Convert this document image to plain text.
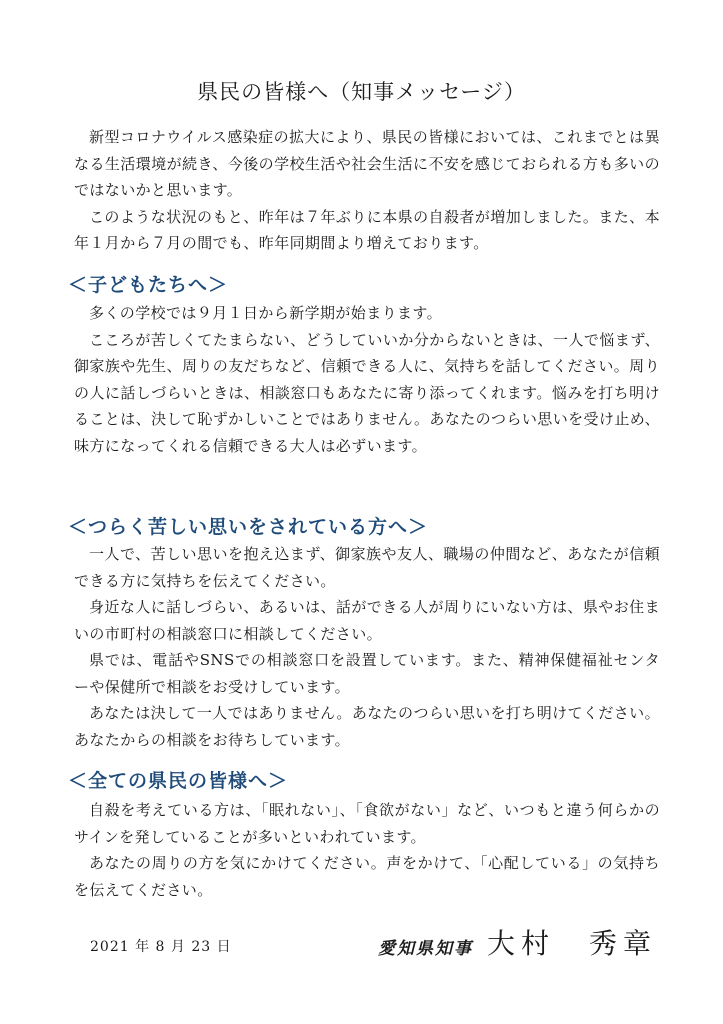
県民の皆様へ（知事メッセージ）

新型コロナウイルス感染症の拡大により、県民の皆様においては、これまでとは異なる生活環境が続き、今後の学校生活や社会生活に不安を感じておられる方も多いのではないかと思います。

このような状況のもと、昨年は７年ぶりに本県の自殺者が増加しました。また、本年１月から７月の間でも、昨年同期間より増えております。

＜子どもたちへ＞

多くの学校では９月１日から新学期が始まります。

こころが苦しくてたまらない、どうしていいか分からないときは、一人で悩まず、御家族や先生、周りの友だちなど、信頼できる人に、気持ちを話してください。周りの人に話しづらいときは、相談窓口もあなたに寄り添ってくれます。悩みを打ち明けることは、決して恥ずかしいことではありません。あなたのつらい思いを受け止め、味方になってくれる信頼できる大人は必ずいます。

＜つらく苦しい思いをされている方へ＞

一人で、苦しい思いを抱え込まず、御家族や友人、職場の仲間など、あなたが信頼できる方に気持ちを伝えてください。

身近な人に話しづらい、あるいは、話ができる人が周りにいない方は、県やお住まいの市町村の相談窓口に相談してください。

県では、電話やSNSでの相談窓口を設置しています。また、精神保健福祉センターや保健所で相談をお受けしています。

あなたは決して一人ではありません。あなたのつらい思いを打ち明けてください。あなたからの相談をお待ちしています。

＜全ての県民の皆様へ＞

自殺を考えている方は、「眠れない」、「食欲がない」など、いつもと違う何らかのサインを発していることが多いといわれています。

あなたの周りの方を気にかけてください。声をかけて、「心配している」の気持ちを伝えてください。

2021 年 8 月 23 日	愛知県知事 大村　秀章
